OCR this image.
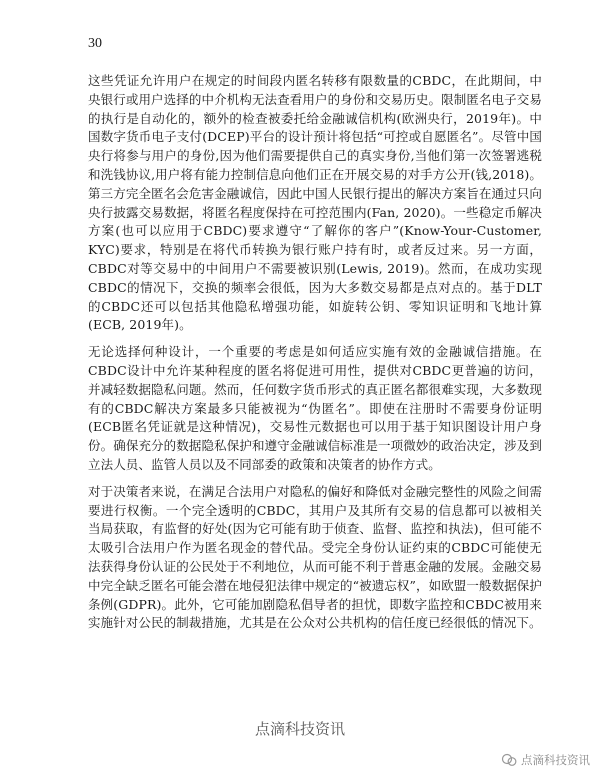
30

这些凭证允许用户在规定的时间段内匿名转移有限数量的CBDC，在此期间，中央银行或用户选择的中介机构无法查看用户的身份和交易历史。限制匿名电子交易的执行是自动化的，额外的检查被委托给金融诚信机构(欧洲央行，2019年)。中国数字货币电子支付(DCEP)平台的设计预计将包括“可控或自愿匿名”。尽管中国央行将参与用户的身份,因为他们需要提供自己的真实身份,当他们第一次签署逃税和洗钱协议,用户将有能力控制信息向他们正在开展交易的对手方公开(钱,2018)。第三方完全匿名会危害金融诚信，因此中国人民银行提出的解决方案旨在通过只向央行披露交易数据，将匿名程度保持在可控范围内(Fan, 2020)。一些稳定币解决方案(也可以应用于CBDC)要求遵守“了解你的客户”(Know-Your-Customer, KYC)要求，特别是在将代币转换为银行账户持有时，或者反过来。另一方面，CBDC对等交易中的中间用户不需要被识别(Lewis, 2019)。然而，在成功实现CBDC的情况下，交换的频率会很低，因为大多数交易都是点对点的。基于DLT的CBDC还可以包括其他隐私增强功能，如旋转公钥、零知识证明和飞地计算(ECB, 2019年)。

无论选择何种设计，一个重要的考虑是如何适应实施有效的金融诚信措施。在CBDC设计中允许某种程度的匿名将促进可用性，提供对CBDC更普遍的访问，并减轻数据隐私问题。然而，任何数字货币形式的真正匿名都很难实现，大多数现有的CBDC解决方案最多只能被视为“伪匿名”。即使在注册时不需要身份证明(ECB匿名凭证就是这种情况)，交易性元数据也可以用于基于知识图设计用户身份。确保充分的数据隐私保护和遵守金融诚信标准是一项微妙的政治决定，涉及到立法人员、监管人员以及不同部委的政策和决策者的协作方式。

对于决策者来说，在满足合法用户对隐私的偏好和降低对金融完整性的风险之间需要进行权衡。一个完全透明的CBDC，其用户及其所有交易的信息都可以被相关当局获取，有监督的好处(因为它可能有助于侦查、监督、监控和执法)，但可能不太吸引合法用户作为匿名现金的替代品。受完全身份认证约束的CBDC可能使无法获得身份认证的公民处于不利地位，从而可能不利于普惠金融的发展。金融交易中完全缺乏匿名可能会潜在地侵犯法律中规定的“被遗忘权”，如欧盟一般数据保护条例(GDPR)。此外，它可能加剧隐私倡导者的担忧，即数字监控和CBDC被用来实施针对公民的制裁措施，尤其是在公众对公共机构的信任度已经很低的情况下。

点滴科技资讯
点滴科技资讯
